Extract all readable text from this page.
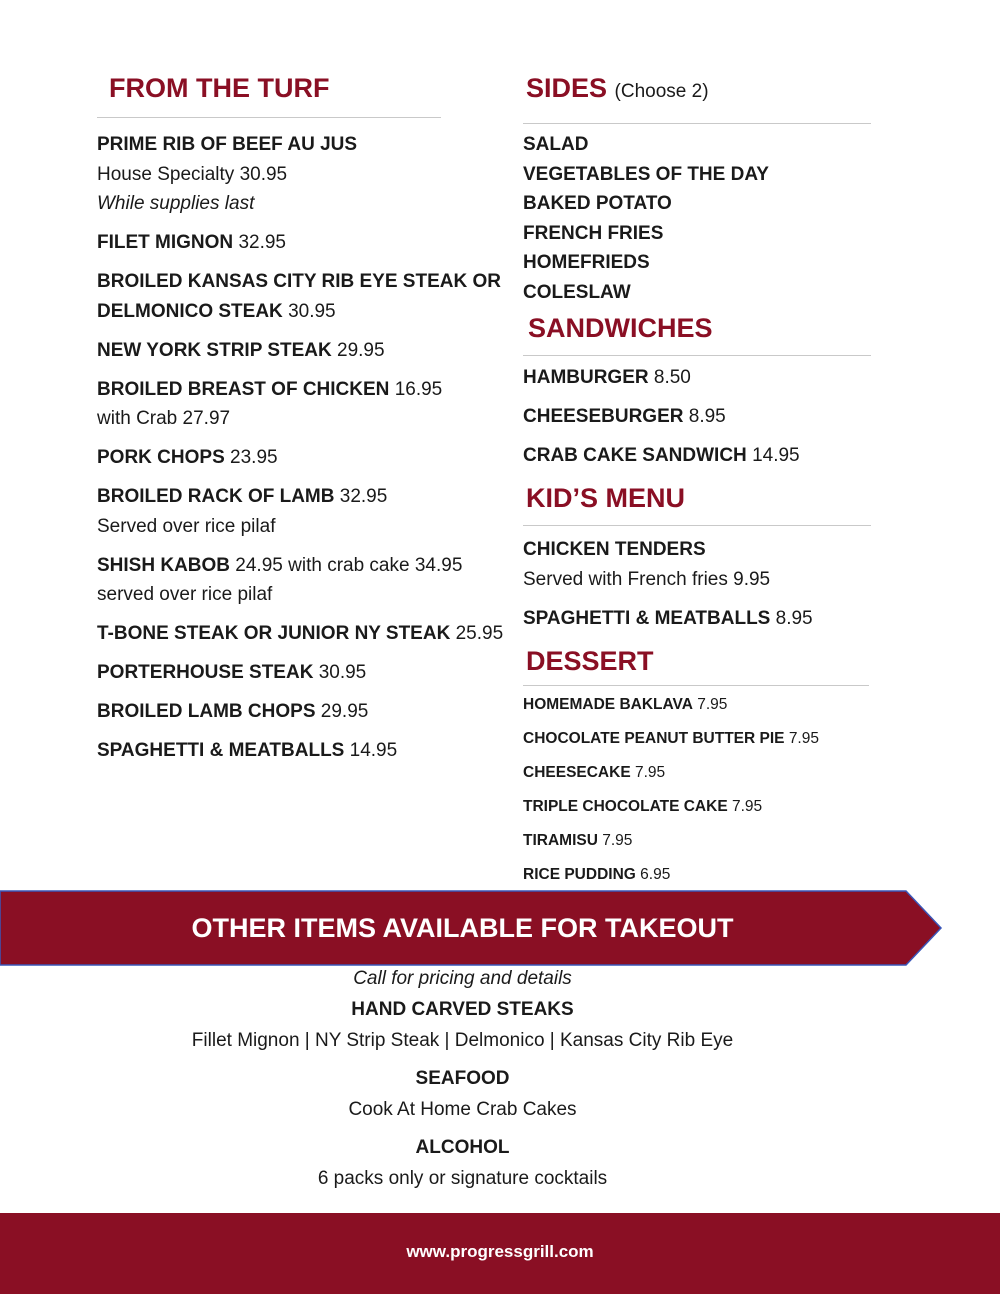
FROM THE TURF
PRIME RIB OF BEEF AU JUS
House Specialty 30.95
While supplies last
FILET MIGNON 32.95
BROILED KANSAS CITY RIB EYE STEAK OR
DELMONICO STEAK 30.95
NEW YORK STRIP STEAK 29.95
BROILED BREAST OF CHICKEN 16.95
with Crab 27.97
PORK CHOPS 23.95
BROILED RACK OF LAMB 32.95
Served over rice pilaf
SHISH KABOB 24.95 with crab cake 34.95
served over rice pilaf
T-BONE STEAK OR JUNIOR NY STEAK 25.95
PORTERHOUSE STEAK 30.95
BROILED LAMB CHOPS 29.95
SPAGHETTI & MEATBALLS 14.95
SIDES (Choose 2)
SALAD
VEGETABLES OF THE DAY
BAKED POTATO
FRENCH FRIES
HOMEFRIEDS
COLESLAW
SANDWICHES
HAMBURGER 8.50
CHEESEBURGER 8.95
CRAB CAKE SANDWICH 14.95
KID’S MENU
CHICKEN TENDERS
Served with French fries 9.95
SPAGHETTI & MEATBALLS 8.95
DESSERT
HOMEMADE BAKLAVA 7.95
CHOCOLATE PEANUT BUTTER PIE 7.95
CHEESECAKE 7.95
TRIPLE CHOCOLATE CAKE 7.95
TIRAMISU 7.95
RICE PUDDING 6.95
OTHER ITEMS AVAILABLE FOR TAKEOUT
Call for pricing and details
HAND CARVED STEAKS
Fillet Mignon | NY Strip Steak | Delmonico | Kansas City Rib Eye
SEAFOOD
Cook At Home Crab Cakes
ALCOHOL
6 packs only or signature cocktails
www.progressgrill.com
